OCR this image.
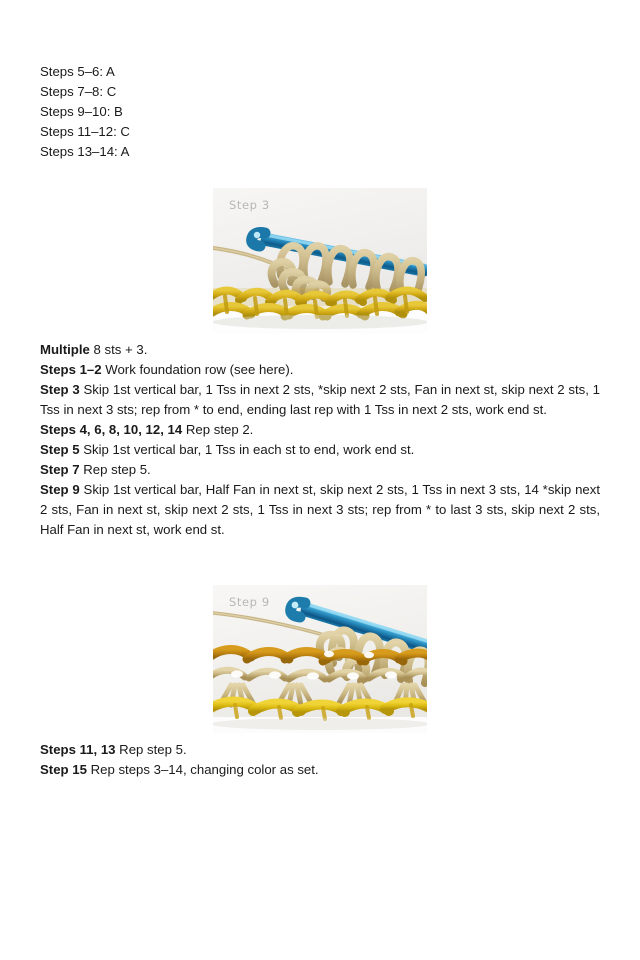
Steps 5–6: A
Steps 7–8: C
Steps 9–10: B
Steps 11–12: C
Steps 13–14: A
Step 3

Multiple 8 sts + 3.

Steps 1–2 Work foundation row (see here).

Step 3 Skip 1st vertical bar, 1 Tss in next 2 sts, *skip next 2 sts, Fan in next st, skip next 2 sts, 1 Tss in next 3 sts; rep from * to end, ending last rep with 1 Tss in next 2 sts, work end st.

Steps 4, 6, 8, 10, 12, 14 Rep step 2.

Step 5 Skip 1st vertical bar, 1 Tss in each st to end, work end st.

Step 7 Rep step 5.

Step 9 Skip 1st vertical bar, Half Fan in next st, skip next 2 sts, 1 Tss in next 3 sts, 14 *skip next 2 sts, Fan in next st, skip next 2 sts, 1 Tss in next 3 sts; rep from * to last 3 sts, skip next 2 sts, Half Fan in next st, work end st.

Step 9

Steps 11, 13 Rep step 5.

Step 15 Rep steps 3–14, changing color as set.
